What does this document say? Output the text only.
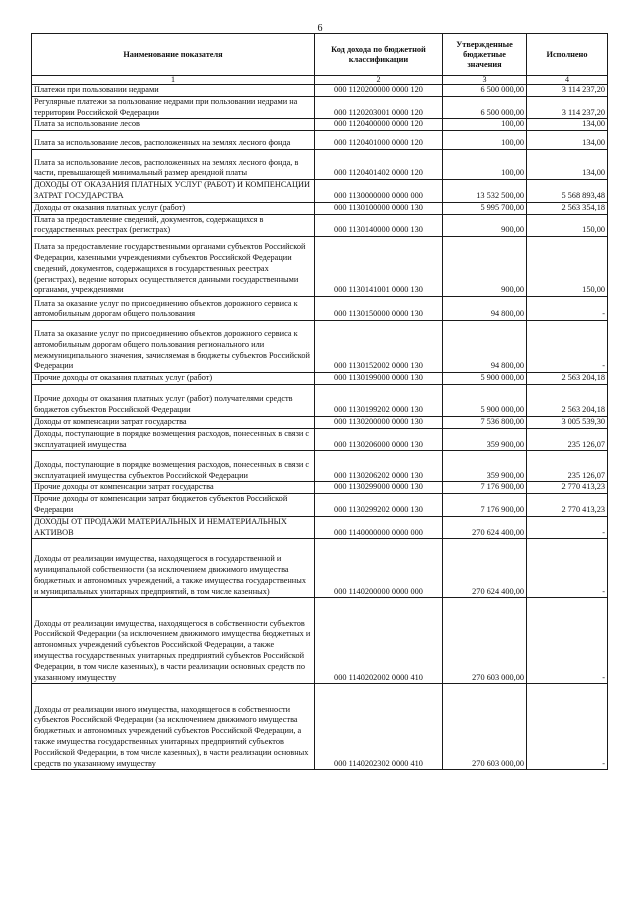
6
Наименование показателя	Код дохода по бюджетной классификации	Утвержденные бюджетные значения	Исполнено
1	2	3	4
Платежи при пользовании недрами	000 1120200000 0000 120	6 500 000,00	3 114 237,20
Регулярные платежи за пользование недрами при пользовании недрами на территории Российской Федерации	000 1120203001 0000 120	6 500 000,00	3 114 237,20
Плата за использование лесов	000 1120400000 0000 120	100,00	134,00
Плата за использование лесов, расположенных на землях лесного фонда	000 1120401000 0000 120	100,00	134,00
Плата за использование лесов, расположенных на землях лесного фонда, в части, превышающей минимальный размер арендной платы	000 1120401402 0000 120	100,00	134,00
ДОХОДЫ ОТ ОКАЗАНИЯ ПЛАТНЫХ УСЛУГ (РАБОТ) И КОМПЕНСАЦИИ ЗАТРАТ ГОСУДАРСТВА	000 1130000000 0000 000	13 532 500,00	5 568 893,48
Доходы от оказания платных услуг (работ)	000 1130100000 0000 130	5 995 700,00	2 563 354,18
Плата за предоставление сведений, документов, содержащихся в государственных реестрах (регистрах)	000 1130140000 0000 130	900,00	150,00
Плата за предоставление государственными органами субъектов Российской Федерации, казенными учреждениями субъектов Российской Федерации сведений, документов, содержащихся в государственных реестрах (регистрах), ведение которых осуществляется данными государственными органами, учреждениями	000 1130141001 0000 130	900,00	150,00
Плата за оказание услуг по присоединению объектов дорожного сервиса к автомобильным дорогам общего пользования	000 1130150000 0000 130	94 800,00	-
Плата за оказание услуг по присоединению объектов дорожного сервиса к автомобильным дорогам общего пользования регионального или межмуниципального значения, зачисляемая в бюджеты субъектов Российской Федерации	000 1130152002 0000 130	94 800,00	-
Прочие доходы от оказания платных услуг (работ)	000 1130199000 0000 130	5 900 000,00	2 563 204,18
Прочие доходы от оказания платных услуг (работ) получателями средств бюджетов субъектов Российской Федерации	000 1130199202 0000 130	5 900 000,00	2 563 204,18
Доходы от компенсации затрат государства	000 1130200000 0000 130	7 536 800,00	3 005 539,30
Доходы, поступающие в порядке возмещения расходов, понесенных в связи с эксплуатацией имущества	000 1130206000 0000 130	359 900,00	235 126,07
Доходы, поступающие в порядке возмещения расходов, понесенных в связи с эксплуатацией имущества субъектов Российской Федерации	000 1130206202 0000 130	359 900,00	235 126,07
Прочие доходы от компенсации затрат государства	000 1130299000 0000 130	7 176 900,00	2 770 413,23
Прочие доходы от компенсации затрат бюджетов субъектов Российской Федерации	000 1130299202 0000 130	7 176 900,00	2 770 413,23
ДОХОДЫ ОТ ПРОДАЖИ МАТЕРИАЛЬНЫХ И НЕМАТЕРИАЛЬНЫХ АКТИВОВ	000 1140000000 0000 000	270 624 400,00	-
Доходы от реализации имущества, находящегося в государственной и муниципальной собственности (за исключением движимого имущества бюджетных и автономных учреждений, а также имущества государственных и муниципальных унитарных предприятий, в том числе казенных)	000 1140200000 0000 000	270 624 400,00	-
Доходы от реализации имущества, находящегося в собственности субъектов Российской Федерации (за исключением движимого имущества бюджетных и автономных учреждений субъектов Российской Федерации, а также имущества государственных унитарных предприятий субъектов Российской Федерации, в том числе казенных), в части реализации основных средств по указанному имуществу	000 1140202002 0000 410	270 603 000,00	-
Доходы от реализации иного имущества, находящегося в собственности субъектов Российской Федерации (за исключением движимого имущества бюджетных и автономных учреждений субъектов Российской Федерации, а также имущества государственных унитарных предприятий субъектов Российской Федерации, в том числе казенных), в части реализации основных средств по указанному имуществу	000 1140202302 0000 410	270 603 000,00	-
